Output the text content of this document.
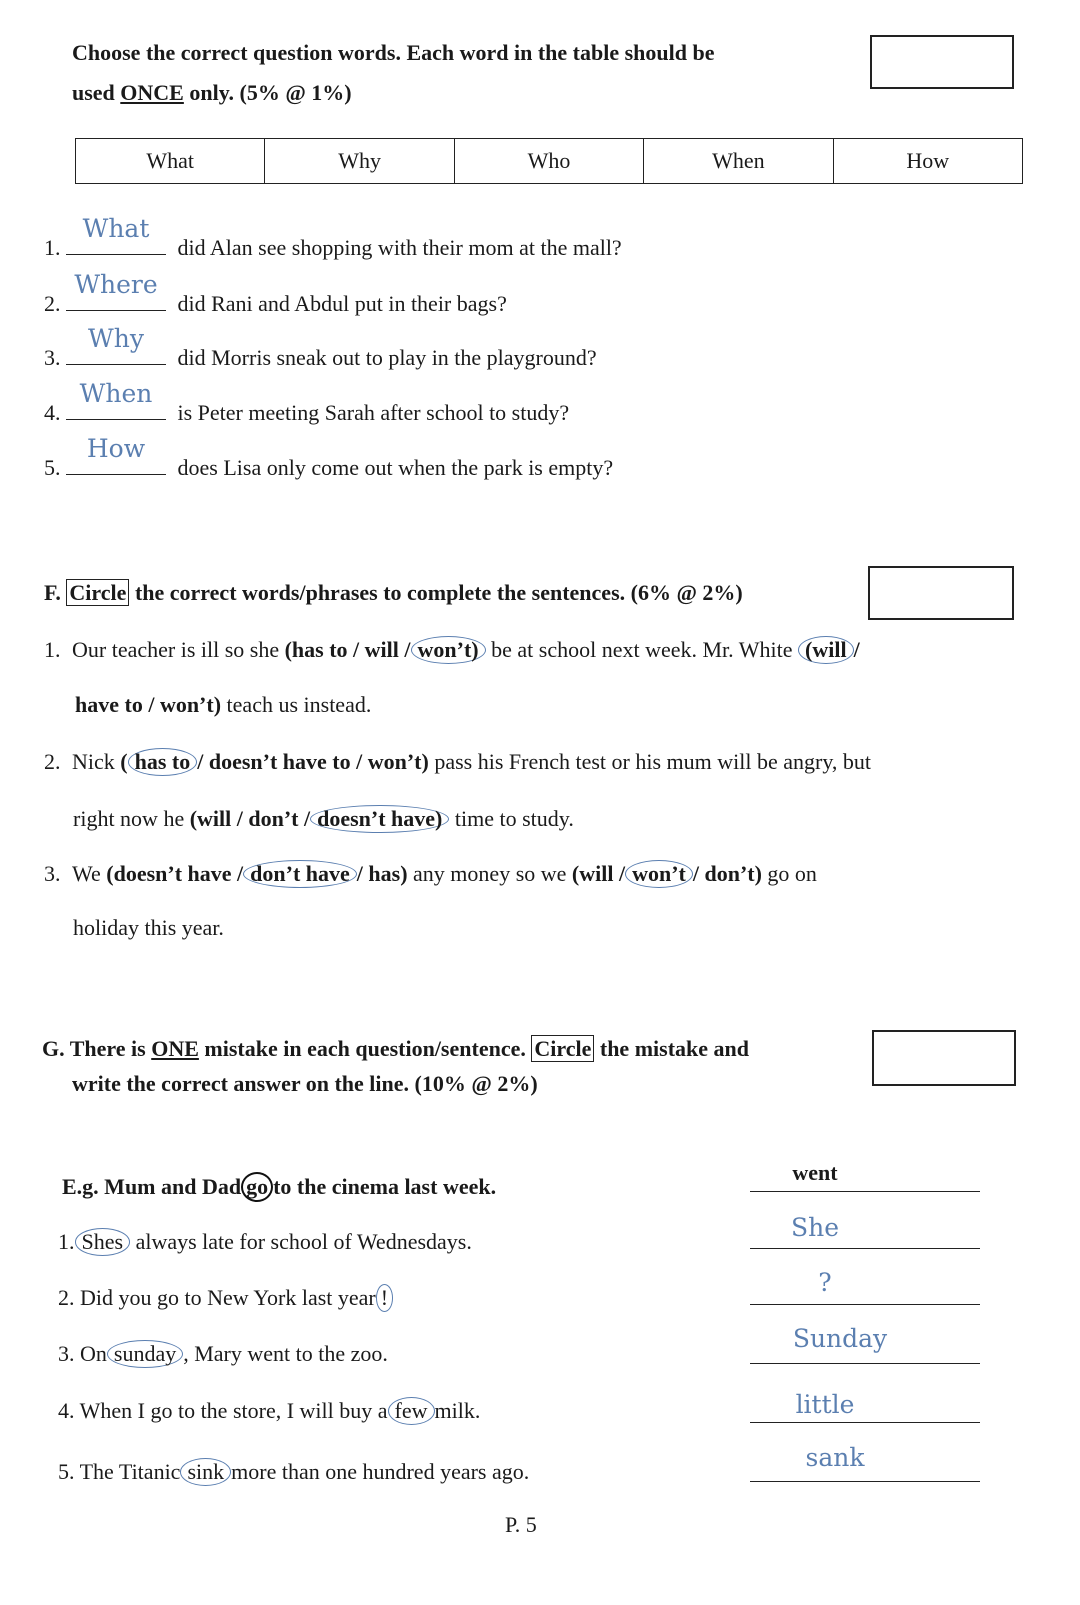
Choose the correct question words. Each word in the table should be
used ONCE only. (5% @ 1%)
What	Why	Who	When	How
1.
What
did Alan see shopping with their mom at the mall?
2.
Where
did Rani and Abdul put in their bags?
3.
Why
did Morris sneak out to play in the playground?
4.
When
is Peter meeting Sarah after school to study?
5.
How
does Lisa only come out when the park is empty?
F. Circle the correct words/phrases to complete the sentences. (6% @ 2%)
1. Our teacher is ill so she (has to / will / won’t) be at school next week. Mr. White (will /
have to / won’t) teach us instead.
2. Nick ( has to / doesn’t have to / won’t) pass his French test or his mum will be angry, but
right now he (will / don’t / doesn’t have) time to study.
3. We (doesn’t have / don’t have / has) any money so we (will / won’t / don’t) go on
holiday this year.
G. There is ONE mistake in each question/sentence. Circle the mistake and
write the correct answer on the line. (10% @ 2%)
E.g. Mum and Dad go to the cinema last week.
went
1. Shes always late for school of Wednesdays.	She
2. Did you go to New York last year !
?
3. On sunday , Mary went to the zoo.
Sunday
4. When I go to the store, I will buy a few milk.	little
5. The Titanic sink more than one hundred years ago.	sank
P. 5
